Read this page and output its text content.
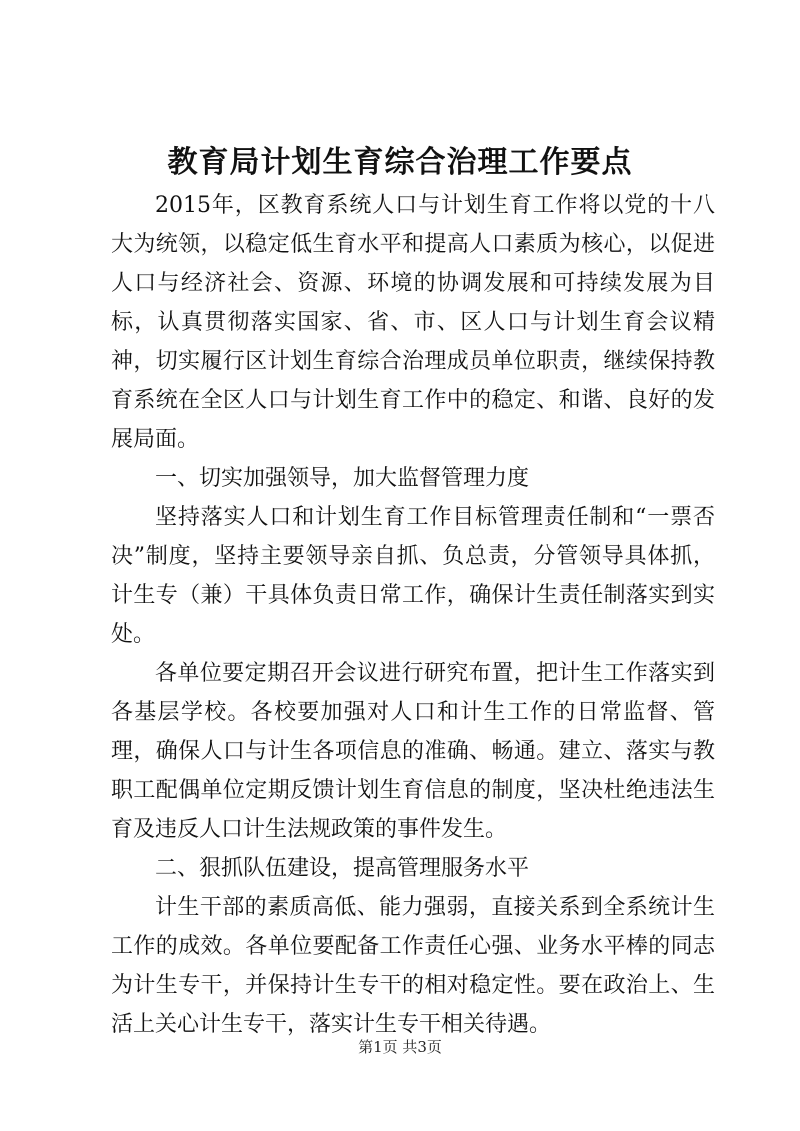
教育局计划生育综合治理工作要点

2015年，区教育系统人口与计划生育工作将以党的十八大为统领，以稳定低生育水平和提高人口素质为核心，以促进人口与经济社会、资源、环境的协调发展和可持续发展为目标，认真贯彻落实国家、省、市、区人口与计划生育会议精神，切实履行区计划生育综合治理成员单位职责，继续保持教育系统在全区人口与计划生育工作中的稳定、和谐、良好的发展局面。

一、切实加强领导，加大监督管理力度

坚持落实人口和计划生育工作目标管理责任制和“一票否决”制度，坚持主要领导亲自抓、负总责，分管领导具体抓，计生专（兼）干具体负责日常工作，确保计生责任制落实到实处。

各单位要定期召开会议进行研究布置，把计生工作落实到各基层学校。各校要加强对人口和计生工作的日常监督、管理，确保人口与计生各项信息的准确、畅通。建立、落实与教职工配偶单位定期反馈计划生育信息的制度，坚决杜绝违法生育及违反人口计生法规政策的事件发生。

二、狠抓队伍建设，提高管理服务水平

计生干部的素质高低、能力强弱，直接关系到全系统计生工作的成效。各单位要配备工作责任心强、业务水平棒的同志为计生专干，并保持计生专干的相对稳定性。要在政治上、生活上关心计生专干，落实计生专干相关待遇。

第1页 共3页
